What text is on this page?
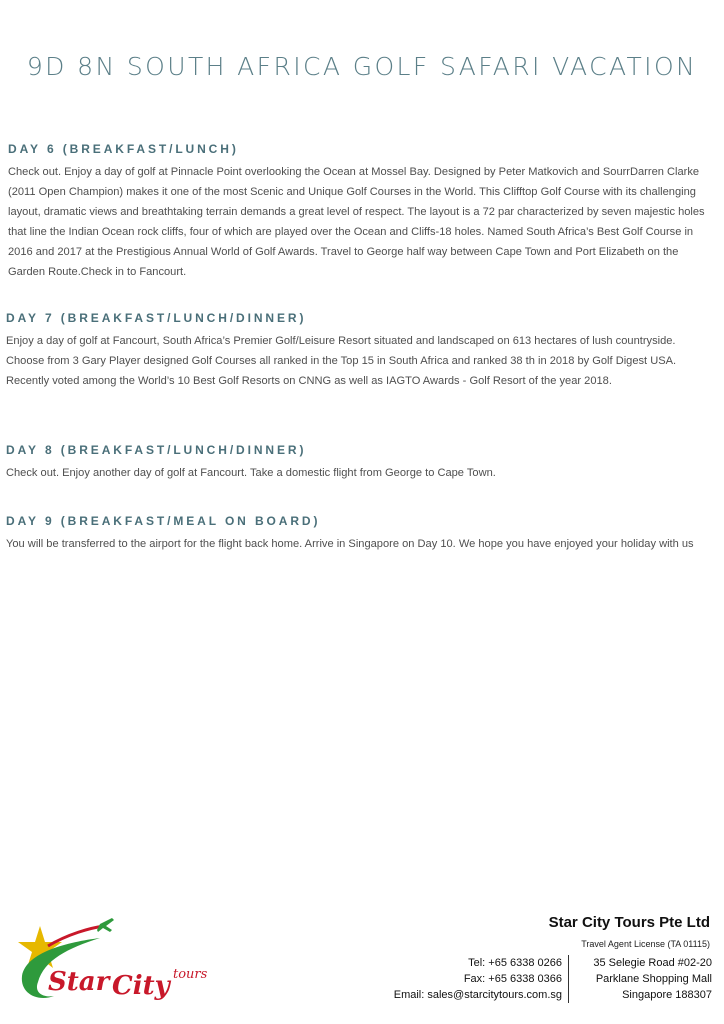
9D 8N SOUTH AFRICA GOLF SAFARI VACATION
DAY 6 (BREAKFAST/LUNCH)

Check out. Enjoy a day of golf at Pinnacle Point overlooking the Ocean at Mossel Bay. Designed by Peter Matkovich and SourrDarren Clarke (2011 Open Champion) makes it one of the most Scenic and Unique Golf Courses in the World. This Clifftop Golf Course with its challenging layout, dramatic views and breathtaking terrain demands a great level of respect. The layout is a 72 par characterized by seven majestic holes that line the Indian Ocean rock cliffs, four of which are played over the Ocean and Cliffs-18 holes. Named South Africa’s Best Golf Course in 2016 and 2017 at the Prestigious Annual World of Golf Awards. Travel to George half way between Cape Town and Port Elizabeth on the Garden Route.Check in to Fancourt.

DAY 7 (BREAKFAST/LUNCH/DINNER)

Enjoy a day of golf at Fancourt, South Africa’s Premier Golf/Leisure Resort situated and landscaped on 613 hectares of lush countryside. Choose from 3 Gary Player designed Golf Courses all ranked in the Top 15 in South Africa and ranked 38 th in 2018 by Golf Digest USA. Recently voted among the World’s 10 Best Golf Resorts on CNNG as well as IAGTO Awards - Golf Resort of the year 2018.

DAY 8 (BREAKFAST/LUNCH/DINNER)

Check out. Enjoy another day of golf at Fancourt. Take a domestic flight from George to Cape Town.

DAY 9 (BREAKFAST/MEAL ON BOARD)

You will be transferred to the airport for the flight back home. Arrive in Singapore on Day 10. We hope you have enjoyed your holiday with us

Star City tours

Star City Tours Pte Ltd

Travel Agent License (TA 01115)

Tel: +65 6338 0266
Fax: +65 6338 0366
Email: sales@starcitytours.com.sg
35 Selegie Road #02-20
Parklane Shopping Mall
Singapore 188307
